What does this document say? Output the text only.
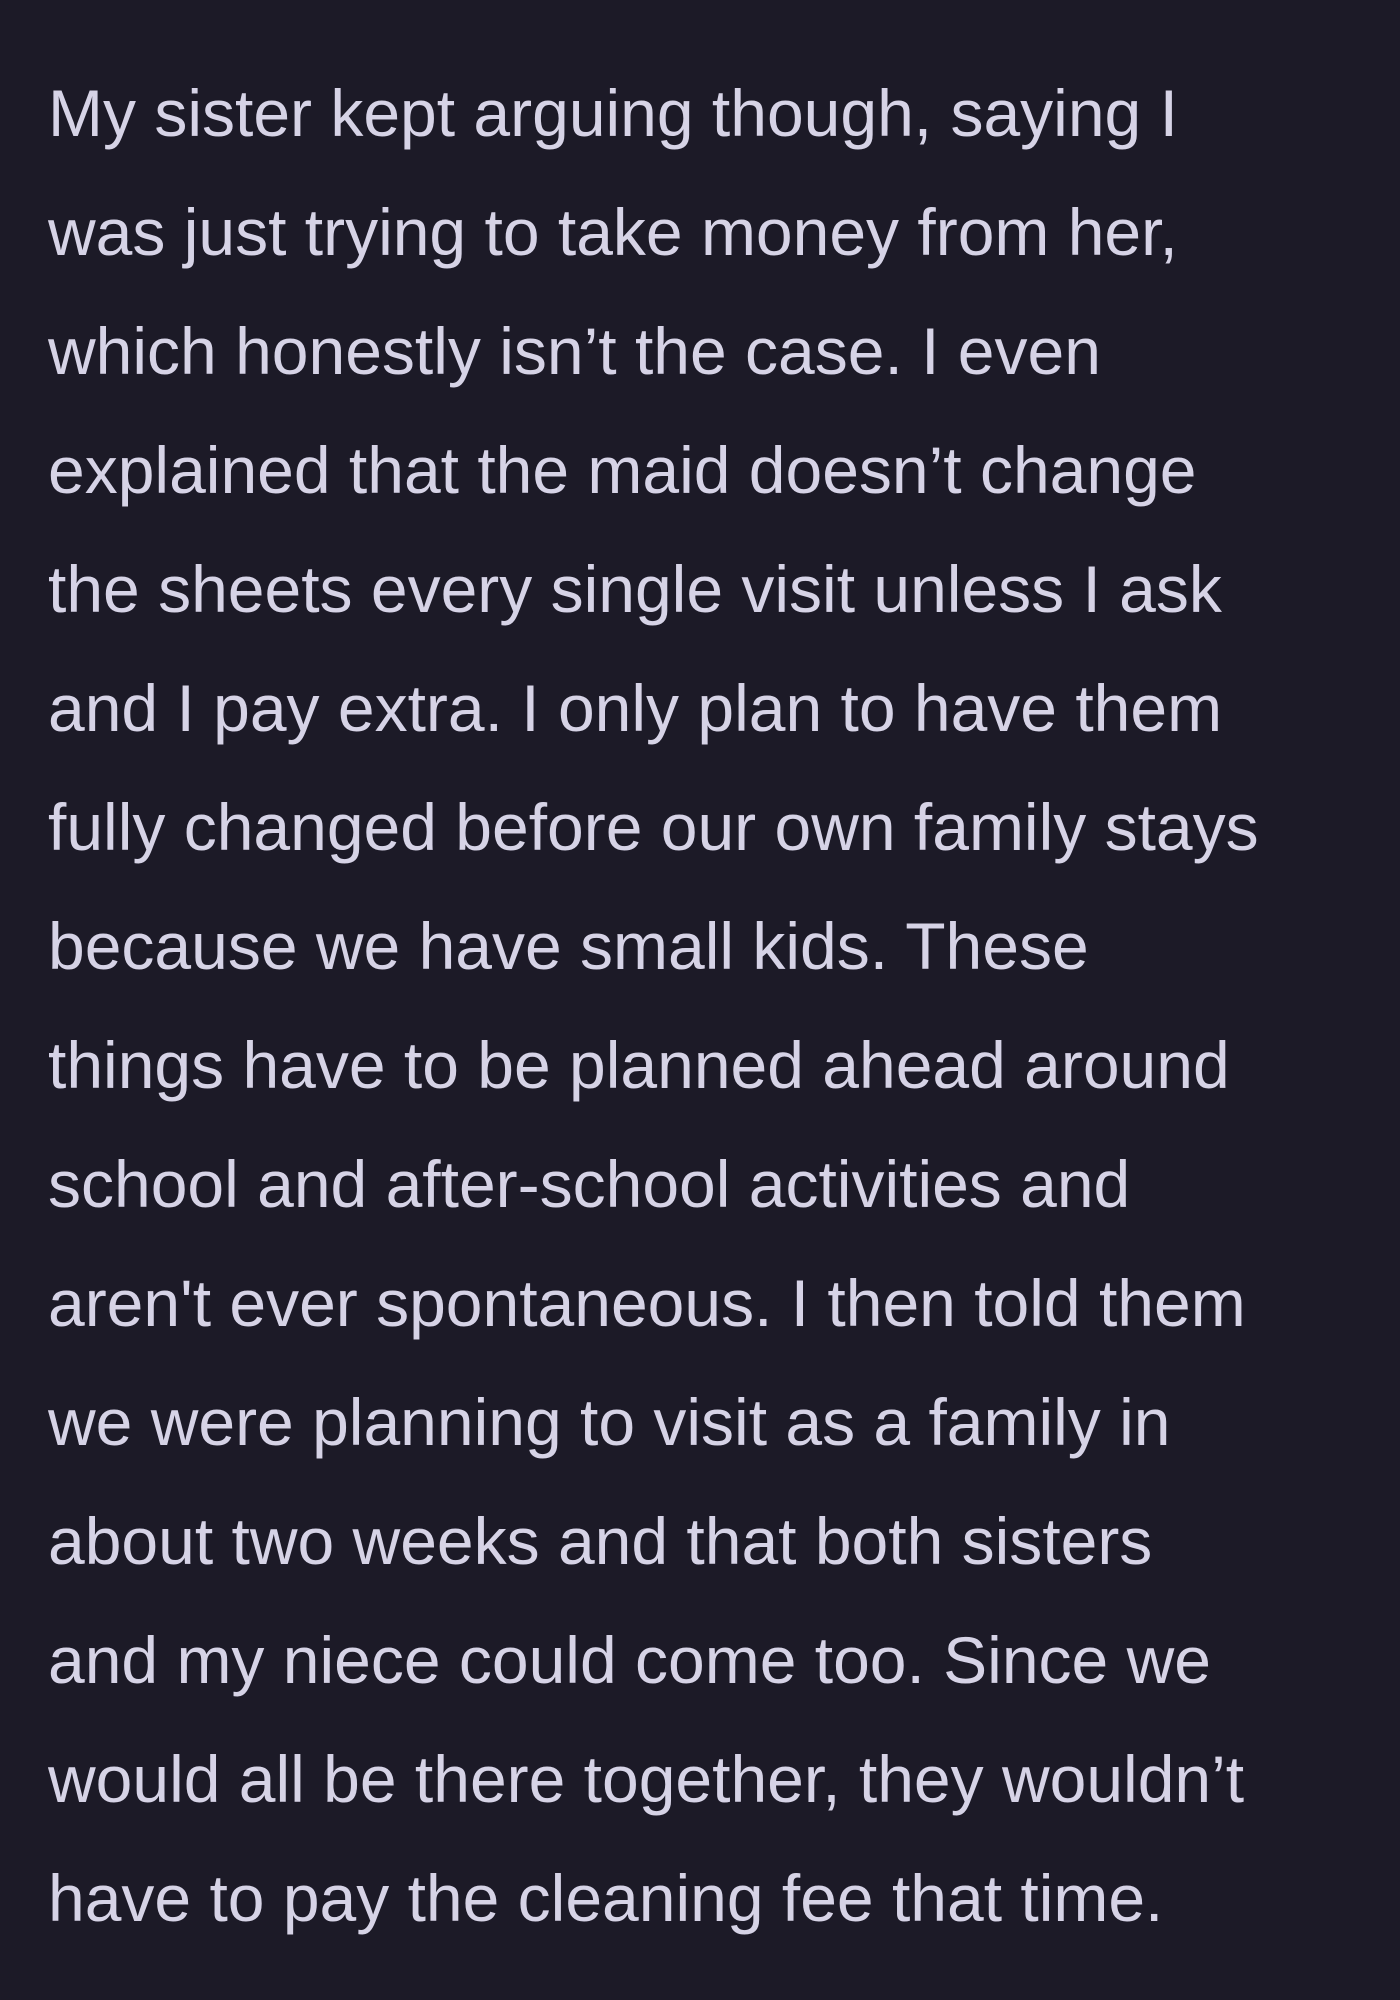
My sister kept arguing though, saying I
was just trying to take money from her,
which honestly isn’t the case. I even
explained that the maid doesn’t change
the sheets every single visit unless I ask
and I pay extra. I only plan to have them
fully changed before our own family stays
because we have small kids. These
things have to be planned ahead around
school and after-school activities and
aren't ever spontaneous. I then told them
we were planning to visit as a family in
about two weeks and that both sisters
and my niece could come too. Since we
would all be there together, they wouldn’t
have to pay the cleaning fee that time.
